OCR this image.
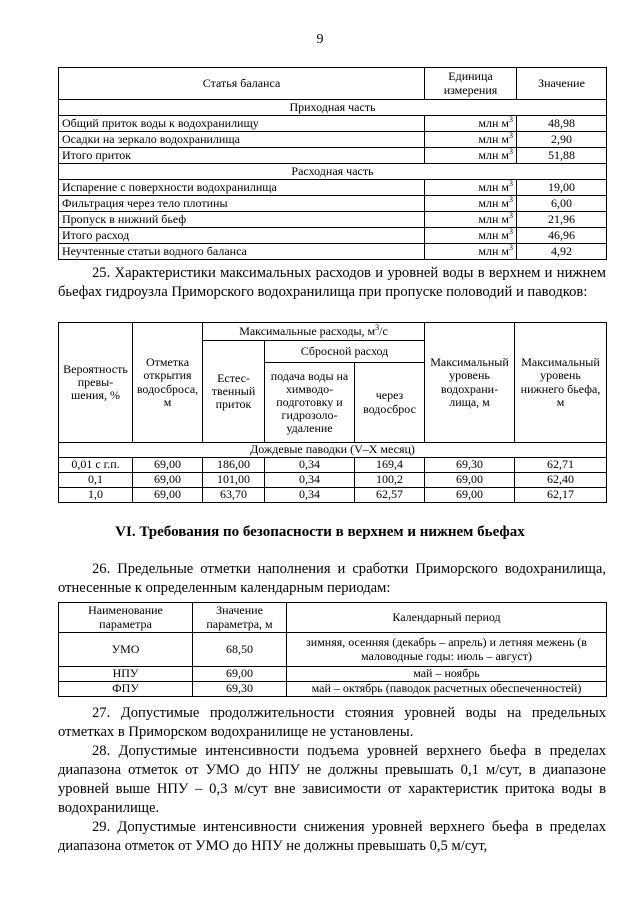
9
Статья баланса	Единица измерения	Значение
Приходная часть		
Общий приток воды к водохранилищу	млн $м^3$	48,98
Осадки на зеркало водохранилища	млн $м^3$	2,90
Итого приток	млн $м^3$	51,88
Расходная часть		
Испарение с поверхности водохранилища	млн $м^3$	19,00
Фильтрация через тело плотины	млн $м^3$	6,00
Пропуск в нижний бьеф	млн $м^3$	21,96
Итого расход	млн $м^3$	46,96
Неучтенные статьи водного баланса	млн $м^3$	4,92

25. Характеристики максимальных расходов и уровней воды в верхнем и нижнем бьефах гидроузла Приморского водохранилища при пропуске половодий и паводков:

Вероятность превы-шения, %	Отметка открытия водосброса, м	Максимальные расходы, $м^3/с$			Максимальный уровень водохрани-лища, м	Максимальный уровень нижнего бьефа, м
		Естес-твенный приток	Сбросной расход			
			подача воды на химводо-подготовку и гидрозоло-удаление	через водосброс		
Дождевые паводки (V–X месяц)						
0,01 с г.п.	69,00	186,00	0,34	169,4	69,30	62,71
0,1	69,00	101,00	0,34	100,2	69,00	62,40
1,0	69,00	63,70	0,34	62,57	69,00	62,17
VI. Требования по безопасности в верхнем и нижнем бьефах

26. Предельные отметки наполнения и сработки Приморского водохранилища, отнесенные к определенным календарным периодам:

Наименование параметра	Значение параметра, м	Календарный период
УМО	68,50	зимняя, осенняя (декабрь – апрель) и летняя межень (в маловодные годы: июль – август)
НПУ	69,00	май – ноябрь
ФПУ	69,30	май – октябрь (паводок расчетных обеспеченностей)

27. Допустимые продолжительности стояния уровней воды на предельных отметках в Приморском водохранилище не установлены.

28. Допустимые интенсивности подъема уровней верхнего бьефа в пределах диапазона отметок от УМО до НПУ не должны превышать 0,1 м/сут, в диапазоне уровней выше НПУ – 0,3 м/сут вне зависимости от характеристик притока воды в водохранилище.

29. Допустимые интенсивности снижения уровней верхнего бьефа в пределах диапазона отметок от УМО до НПУ не должны превышать 0,5 м/сут,
